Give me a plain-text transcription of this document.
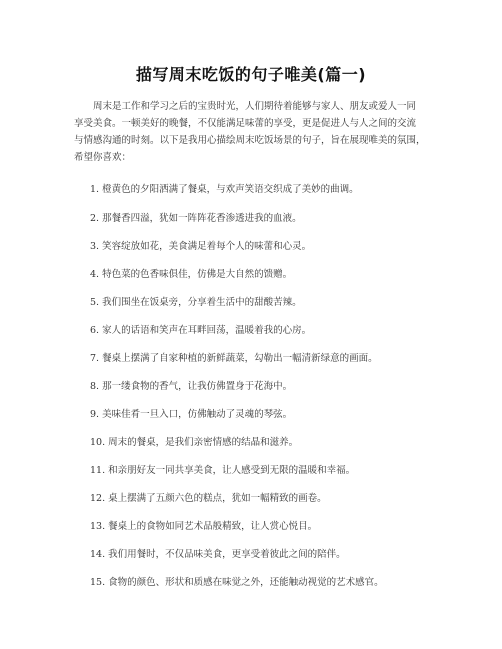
描写周末吃饭的句子唯美(篇一)
周末是工作和学习之后的宝贵时光，人们期待着能够与家人、朋友或爱人一同
享受美食。一顿美好的晚餐，不仅能满足味蕾的享受，更是促进人与人之间的交流
与情感沟通的时刻。以下是我用心描绘周末吃饭场景的句子，旨在展现唯美的氛围，
希望你喜欢：
1. 橙黄色的夕阳洒满了餐桌，与欢声笑语交织成了美妙的曲调。
2. 那餐香四溢，犹如一阵阵花香渗透进我的血液。
3. 笑容绽放如花，美食满足着每个人的味蕾和心灵。
4. 特色菜的色香味俱佳，仿佛是大自然的馈赠。
5. 我们围坐在饭桌旁，分享着生活中的甜酸苦辣。
6. 家人的话语和笑声在耳畔回荡，温暖着我的心房。
7. 餐桌上摆满了自家种植的新鲜蔬菜，勾勒出一幅清新绿意的画面。
8. 那一缕食物的香气，让我仿佛置身于花海中。
9. 美味佳肴一旦入口，仿佛触动了灵魂的琴弦。
10. 周末的餐桌，是我们亲密情感的结晶和滋养。
11. 和亲朋好友一同共享美食，让人感受到无限的温暖和幸福。
12. 桌上摆满了五颜六色的糕点，犹如一幅精致的画卷。
13. 餐桌上的食物如同艺术品般精致，让人赏心悦目。
14. 我们用餐时，不仅品味美食，更享受着彼此之间的陪伴。
15. 食物的颜色、形状和质感在味觉之外，还能触动视觉的艺术感官。
